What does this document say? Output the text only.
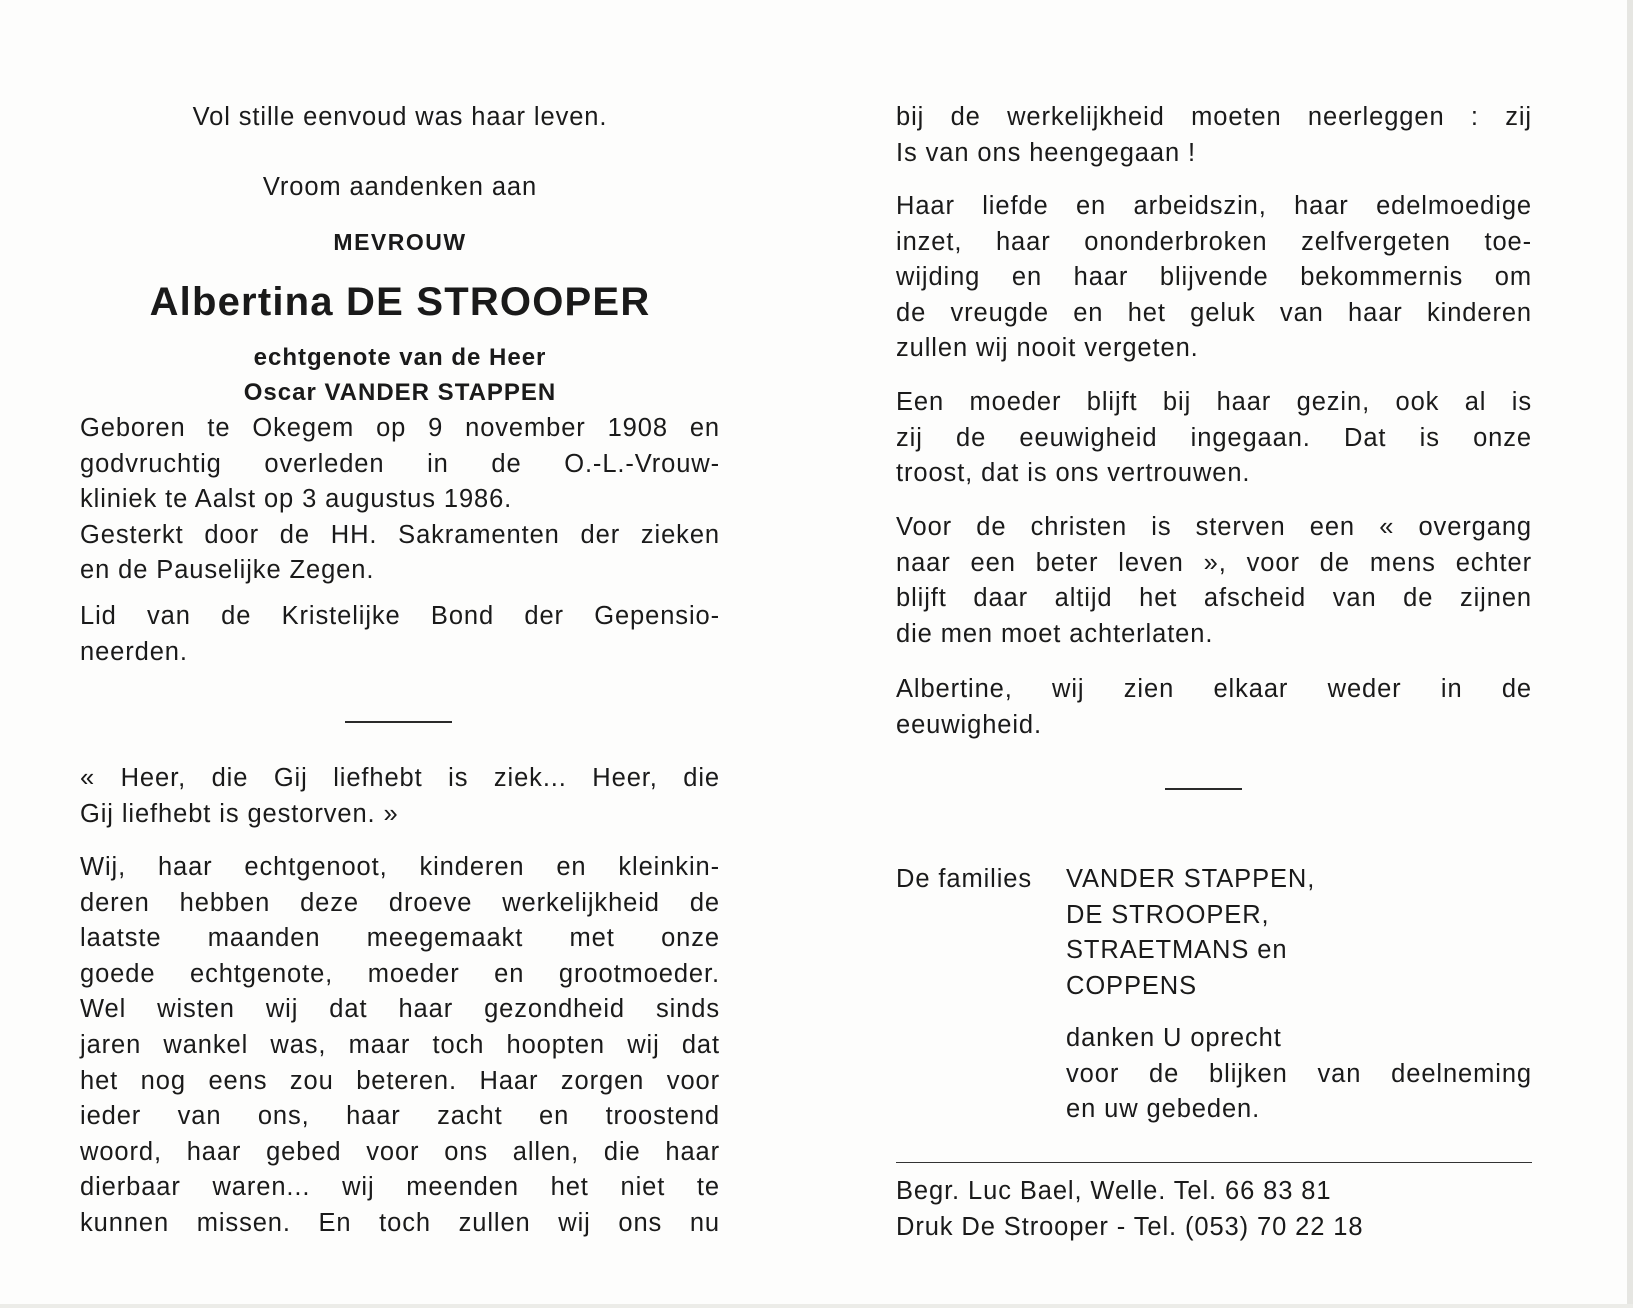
Vol stille eenvoud was haar leven.
Vroom aandenken aan
MEVROUW
Albertina DE STROOPER
echtgenote van de Heer
Oscar VANDER STAPPEN
Geboren te Okegem op 9 november 1908 en
godvruchtig overleden in de O.-L.-Vrouw-
kliniek te Aalst op 3 augustus 1986.
Gesterkt door de HH. Sakramenten der zieken
en de Pauselijke Zegen.
Lid van de Kristelijke Bond der Gepensio-
neerden.
« Heer, die Gij liefhebt is ziek... Heer, die
Gij liefhebt is gestorven. »
Wij, haar echtgenoot, kinderen en kleinkin-
deren hebben deze droeve werkelijkheid de
laatste maanden meegemaakt met onze
goede echtgenote, moeder en grootmoeder.
Wel wisten wij dat haar gezondheid sinds
jaren wankel was, maar toch hoopten wij dat
het nog eens zou beteren. Haar zorgen voor
ieder van ons, haar zacht en troostend
woord, haar gebed voor ons allen, die haar
dierbaar waren... wij meenden het niet te
kunnen missen. En toch zullen wij ons nu
bij de werkelijkheid moeten neerleggen : zij
Is van ons heengegaan !
Haar liefde en arbeidszin, haar edelmoedige
inzet, haar ononderbroken zelfvergeten toe-
wijding en haar blijvende bekommernis om
de vreugde en het geluk van haar kinderen
zullen wij nooit vergeten.
Een moeder blijft bij haar gezin, ook al is
zij de eeuwigheid ingegaan. Dat is onze
troost, dat is ons vertrouwen.
Voor de christen is sterven een « overgang
naar een beter leven », voor de mens echter
blijft daar altijd het afscheid van de zijnen
die men moet achterlaten.
Albertine, wij zien elkaar weder in de
eeuwigheid.
De families	VANDER STAPPEN,
DE STROOPER,
STRAETMANS en
COPPENS
danken U oprecht
voor de blijken van deelneming
en uw gebeden.
Begr. Luc Bael, Welle. Tel. 66 83 81
Druk De Strooper - Tel. (053) 70 22 18
